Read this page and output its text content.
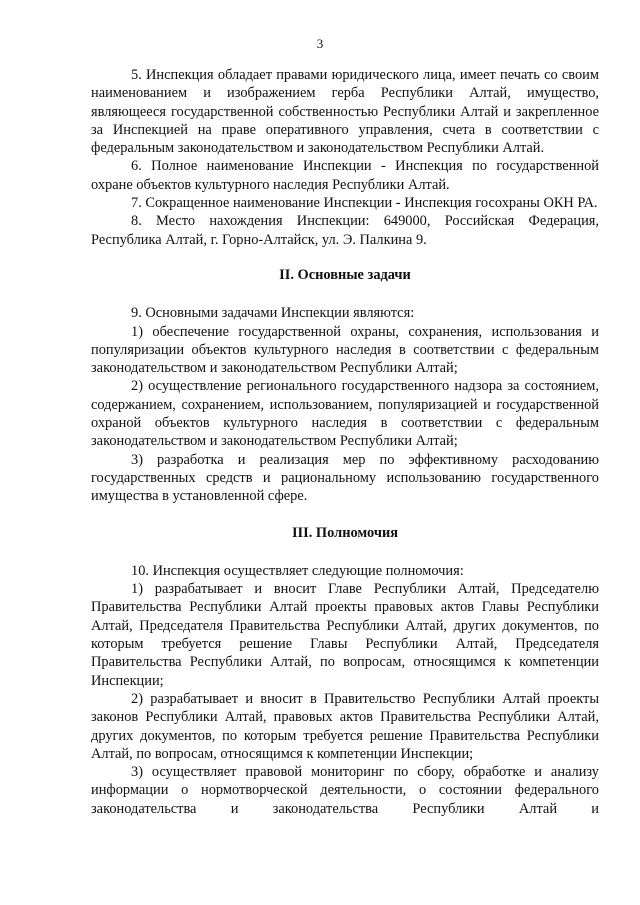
3

5. Инспекция обладает правами юридического лица, имеет печать со своим наименованием и изображением герба Республики Алтай, имущество, являющееся государственной собственностью Республики Алтай и закрепленное за Инспекцией на праве оперативного управления, счета в соответствии с федеральным законодательством и законодательством Республики Алтай.

6. Полное наименование Инспекции - Инспекция по государственной охране объектов культурного наследия Республики Алтай.

7. Сокращенное наименование Инспекции - Инспекция госохраны ОКН РА.

8. Место нахождения Инспекции: 649000, Российская Федерация, Республика Алтай, г. Горно-Алтайск, ул. Э. Палкина 9.

II. Основные задачи

9. Основными задачами Инспекции являются:

1) обеспечение государственной охраны, сохранения, использования и популяризации объектов культурного наследия в соответствии с федеральным законодательством и законодательством Республики Алтай;

2) осуществление регионального государственного надзора за состоянием, содержанием, сохранением, использованием, популяризацией и государственной охраной объектов культурного наследия в соответствии с федеральным законодательством и законодательством Республики Алтай;

3) разработка и реализация мер по эффективному расходованию государственных средств и рациональному использованию государственного имущества в установленной сфере.

III. Полномочия

10. Инспекция осуществляет следующие полномочия:

1) разрабатывает и вносит Главе Республики Алтай, Председателю Правительства Республики Алтай проекты правовых актов Главы Республики Алтай, Председателя Правительства Республики Алтай, других документов, по которым требуется решение Главы Республики Алтай, Председателя Правительства Республики Алтай, по вопросам, относящимся к компетенции Инспекции;

2) разрабатывает и вносит в Правительство Республики Алтай проекты законов Республики Алтай, правовых актов Правительства Республики Алтай, других документов, по которым требуется решение Правительства Республики Алтай, по вопросам, относящимся к компетенции Инспекции;

3) осуществляет правовой мониторинг по сбору, обработке и анализу информации о нормотворческой деятельности, о состоянии федерального законодательства и законодательства Республики Алтай и
